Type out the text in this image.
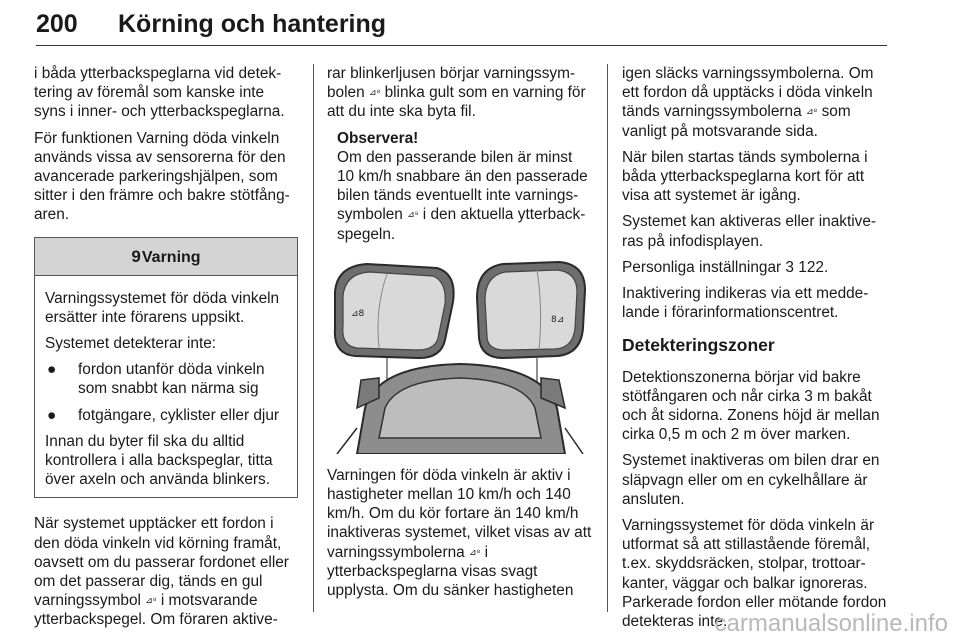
200 Körning och hantering

i båda ytterbackspeglarna vid detektering av föremål som kanske inte syns i inner- och ytterbackspeglarna.

För funktionen Varning döda vinkeln används vissa av sensorerna för den avancerade parkeringshjälpen, som sitter i den främre och bakre stötfångaren.

9Varning

Varningssystemet för döda vinkeln ersätter inte förarens uppsikt.

Systemet detekterar inte:

● fordon utanför döda vinkeln som snabbt kan närma sig
● fotgängare, cyklister eller djur

Innan du byter fil ska du alltid kontrollera i alla backspeglar, titta över axeln och använda blinkers.

När systemet upptäcker ett fordon i den döda vinkeln vid körning framåt, oavsett om du passerar fordonet eller om det passerar dig, tänds en gul varningssymbol ⊿⁸ i motsvarande ytterbackspegel. Om föraren aktive-

rar blinkerljusen börjar varningssymbolen ⊿⁸ blinka gult som en varning för att du inte ska byta fil.

Observera!
Om den passerande bilen är minst 10 km/h snabbare än den passerade bilen tänds eventuellt inte varningssymbolen ⊿⁸ i den aktuella ytterbackspegeln.
⊿8
8⊿

Varningen för döda vinkeln är aktiv i hastigheter mellan 10 km/h och 140 km/h. Om du kör fortare än 140 km/h inaktiveras systemet, vilket visas av att varningssymbolerna ⊿⁸ i ytterbackspeglarna visas svagt upplysta. Om du sänker hastigheten

igen släcks varningssymbolerna. Om ett fordon då upptäcks i döda vinkeln tänds varningssymbolerna ⊿⁸ som vanligt på motsvarande sida.

När bilen startas tänds symbolerna i båda ytterbackspeglarna kort för att visa att systemet är igång.

Systemet kan aktiveras eller inaktiveras på infodisplayen.

Personliga inställningar 3 122.

Inaktivering indikeras via ett meddelande i förarinformationscentret.

Detekteringszoner

Detektionszonerna börjar vid bakre stötfångaren och når cirka 3 m bakåt och åt sidorna. Zonens höjd är mellan cirka 0,5 m och 2 m över marken.

Systemet inaktiveras om bilen drar en släpvagn eller om en cykelhållare är ansluten.

Varningssystemet för döda vinkeln är utformat så att stillastående föremål, t.ex. skyddsräcken, stolpar, trottoarkanter, väggar och balkar ignoreras. Parkerade fordon eller mötande fordon detekteras inte.

carmanualsonline.info
